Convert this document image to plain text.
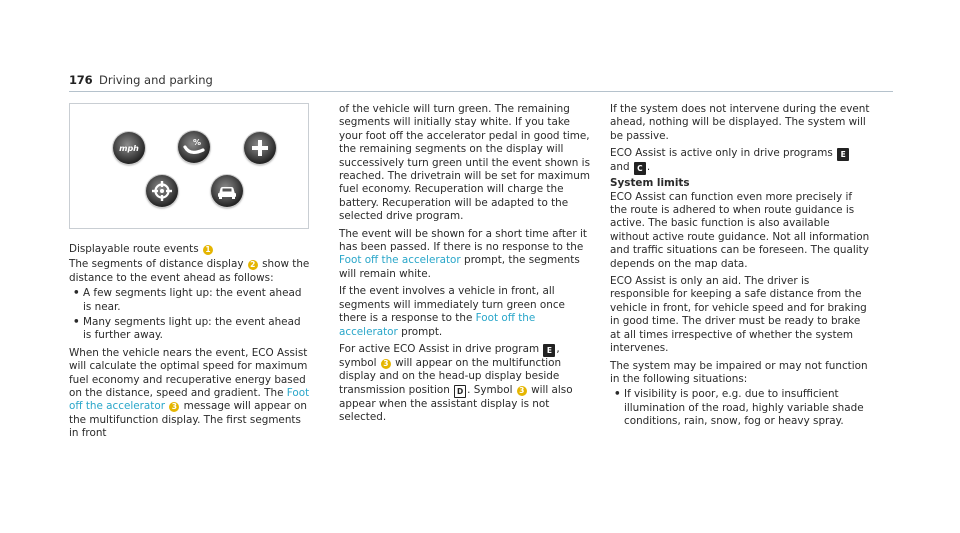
176 Driving and parking
mph
%

Displayable route events 1

The segments of distance display 2 show the distance to the event ahead as follows:

• A few segments light up: the event ahead is near.
• Many segments light up: the event ahead is further away.

When the vehicle nears the event, ECO Assist will calculate the optimal speed for maximum fuel economy and recuperative energy based on the distance, speed and gradient. The Foot off the accelerator 3 message will appear on the multifunction display. The first segments in front

of the vehicle will turn green. The remaining segments will initially stay white. If you take your foot off the accelerator pedal in good time, the remaining segments on the display will successively turn green until the event shown is reached. The drivetrain will be set for maximum fuel economy. Recuperation will charge the battery. Recuperation will be adapted to the selected drive program.

The event will be shown for a short time after it has been passed. If there is no response to the Foot off the accelerator prompt, the segments will remain white.

If the event involves a vehicle in front, all segments will immediately turn green once there is a response to the Foot off the accelerator prompt.

For active ECO Assist in drive program E , symbol 3 will appear on the multifunction display and on the head-up display beside transmission position D . Symbol 3 will also appear when the assistant display is not selected.

If the system does not intervene during the event ahead, nothing will be displayed. The system will be passive.

ECO Assist is active only in drive programs E and C .

System limits

ECO Assist can function even more precisely if the route is adhered to when route guidance is active. The basic function is also available without active route guidance. Not all information and traffic situations can be foreseen. The quality depends on the map data.

ECO Assist is only an aid. The driver is responsible for keeping a safe distance from the vehicle in front, for vehicle speed and for braking in good time. The driver must be ready to brake at all times irrespective of whether the system intervenes.

The system may be impaired or may not function in the following situations:

• If visibility is poor, e.g. due to insufficient illumination of the road, highly variable shade conditions, rain, snow, fog or heavy spray.
